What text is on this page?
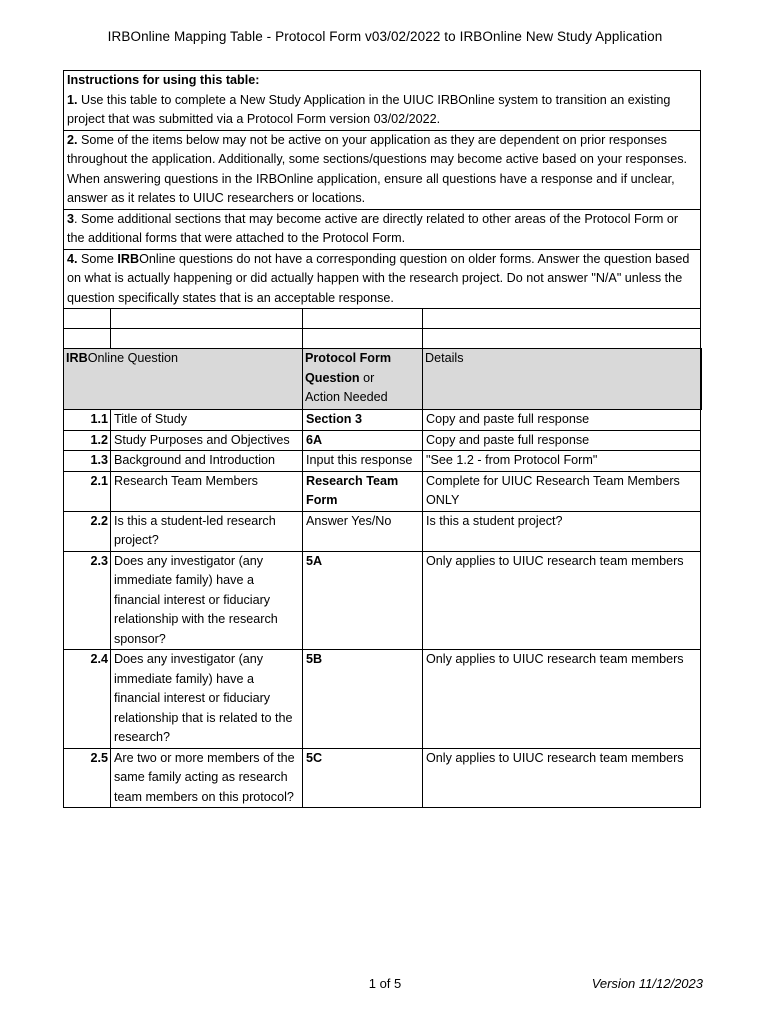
IRBOnline Mapping Table - Protocol Form v03/02/2022 to IRBOnline New Study Application
Instructions for using this table:
1. Use this table to complete a New Study Application in the UIUC IRBOnline system to transition an existing project that was submitted via a Protocol Form version 03/02/2022.			
2. Some of the items below may not be active on your application as they are dependent on prior responses throughout the application. Additionally, some sections/questions may become active based on your responses. When answering questions in the IRBOnline application, ensure all questions have a response and if unclear, answer as it relates to UIUC researchers or locations.			
3. Some additional sections that may become active are directly related to other areas of the Protocol Form or the additional forms that were attached to the Protocol Form.			
4. Some IRBOnline questions do not have a corresponding question on older forms. Answer the question based on what is actually happening or did actually happen with the research project. Do not answer "N/A" unless the question specifically states that is an acceptable response.			

IRBOnline Question		Protocol Form
Question or
Action Needed	Details
1.1	Title of Study	Section 3	Copy and paste full response
1.2	Study Purposes and Objectives	6A	Copy and paste full response
1.3	Background and Introduction	Input this response	"See 1.2 - from Protocol Form"
2.1	Research Team Members	Research Team Form	Complete for UIUC Research Team Members ONLY
2.2	Is this a student-led research project?	Answer Yes/No	Is this a student project?
2.3	Does any investigator (any immediate family) have a financial interest or fiduciary relationship with the research sponsor?	5A	Only applies to UIUC research team members
2.4	Does any investigator (any immediate family) have a financial interest or fiduciary relationship that is related to the research?	5B	Only applies to UIUC research team members
2.5	Are two or more members of the same family acting as research team members on this protocol?	5C	Only applies to UIUC research team members
1 of 5	Version 11/12/2023
